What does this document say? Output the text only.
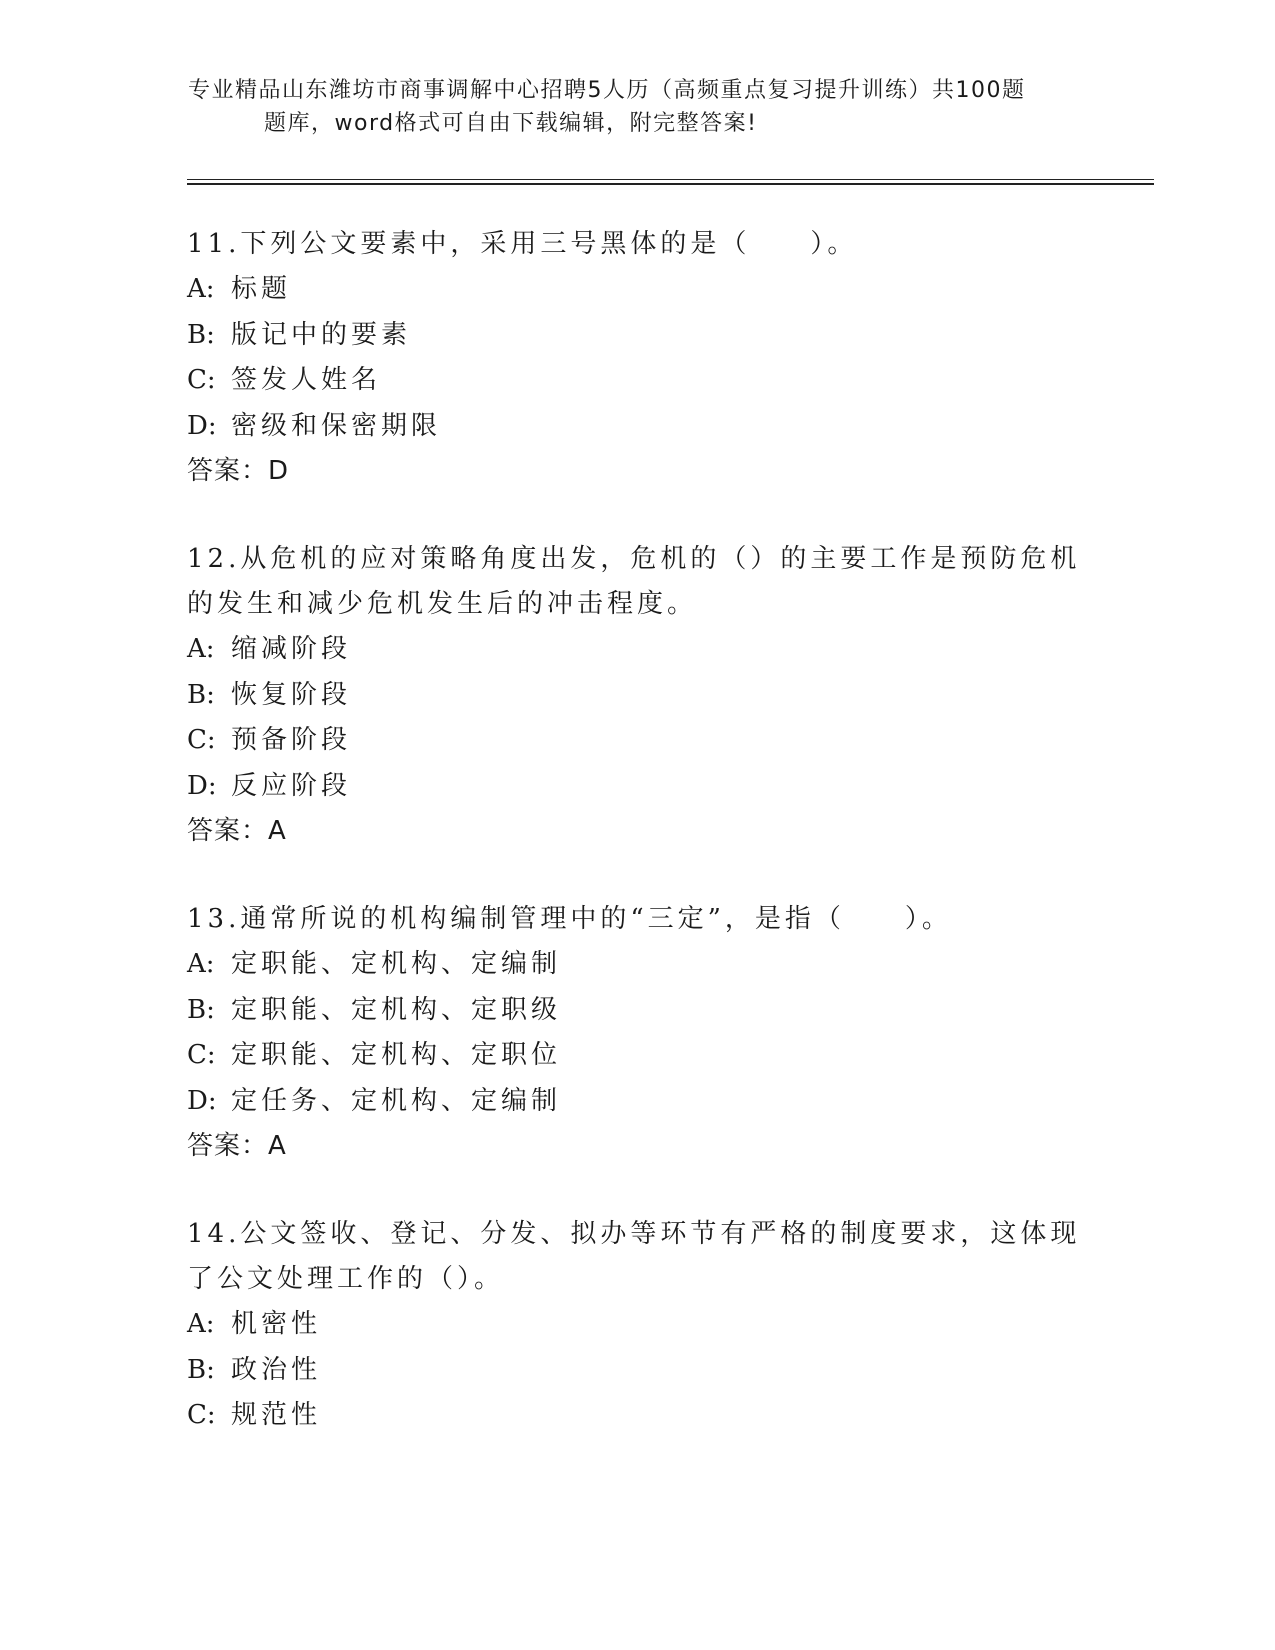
专业精品山东潍坊市商事调解中心招聘5人历（高频重点复习提升训练）共100题

题库，word格式可自由下载编辑，附完整答案!

11.下列公文要素中，采用三号黑体的是（　　）。

A: 标题
B: 版记中的要素
C: 签发人姓名
D: 密级和保密期限
答案：D

12.从危机的应对策略角度出发，危机的（）的主要工作是预防危机的发生和减少危机发生后的冲击程度。

A: 缩减阶段
B: 恢复阶段
C: 预备阶段
D: 反应阶段
答案：A

13.通常所说的机构编制管理中的“三定”，是指（　　）。

A: 定职能、定机构、定编制
B: 定职能、定机构、定职级
C: 定职能、定机构、定职位
D: 定任务、定机构、定编制
答案：A

14.公文签收、登记、分发、拟办等环节有严格的制度要求，这体现了公文处理工作的（）。

A: 机密性
B: 政治性
C: 规范性
